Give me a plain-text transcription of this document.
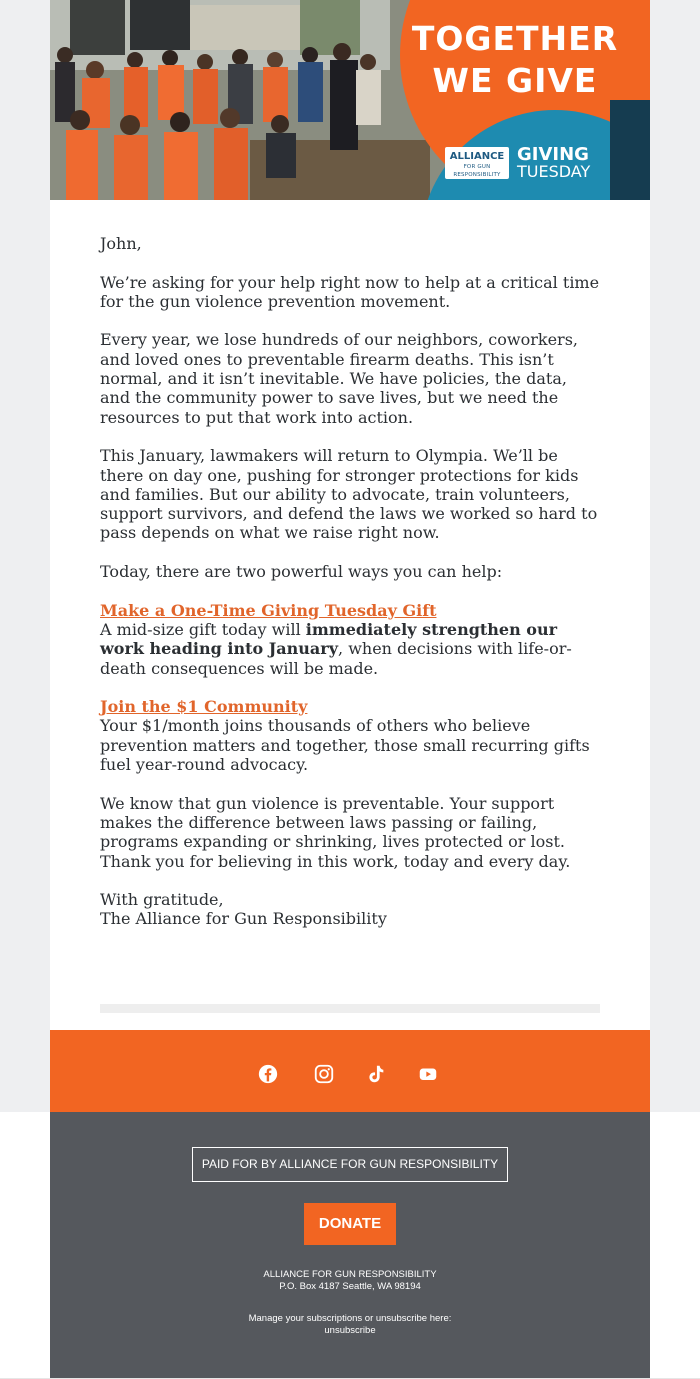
TOGETHER
WE GIVE
ALLIANCE
FOR GUN RESPONSIBILITY
GIVING
TUESDAY

John,

We’re asking for your help right now to help at a critical time for the gun violence prevention movement.

Every year, we lose hundreds of our neighbors, coworkers, and loved ones to preventable firearm deaths. This isn’t normal, and it isn’t inevitable. We have policies, the data, and the community power to save lives, but we need the resources to put that work into action.

This January, lawmakers will return to Olympia. We’ll be there on day one, pushing for stronger protections for kids and families. But our ability to advocate, train volunteers, support survivors, and defend the laws we worked so hard to pass depends on what we raise right now.

Today, there are two powerful ways you can help:

Make a One-Time Giving Tuesday Gift
A mid-size gift today will immediately strengthen our work heading into January, when decisions with life-or-death consequences will be made.

Join the $1 Community
Your $1/month joins thousands of others who believe prevention matters and together, those small recurring gifts fuel year-round advocacy.

We know that gun violence is preventable. Your support makes the difference between laws passing or failing, programs expanding or shrinking, lives protected or lost. Thank you for believing in this work, today and every day.

With gratitude,
The Alliance for Gun Responsibility

PAID FOR BY ALLIANCE FOR GUN RESPONSIBILITY
DONATE
ALLIANCE FOR GUN RESPONSIBILITY
P.O. Box 4187 Seattle, WA 98194
Manage your subscriptions or unsubscribe here:
unsubscribe
